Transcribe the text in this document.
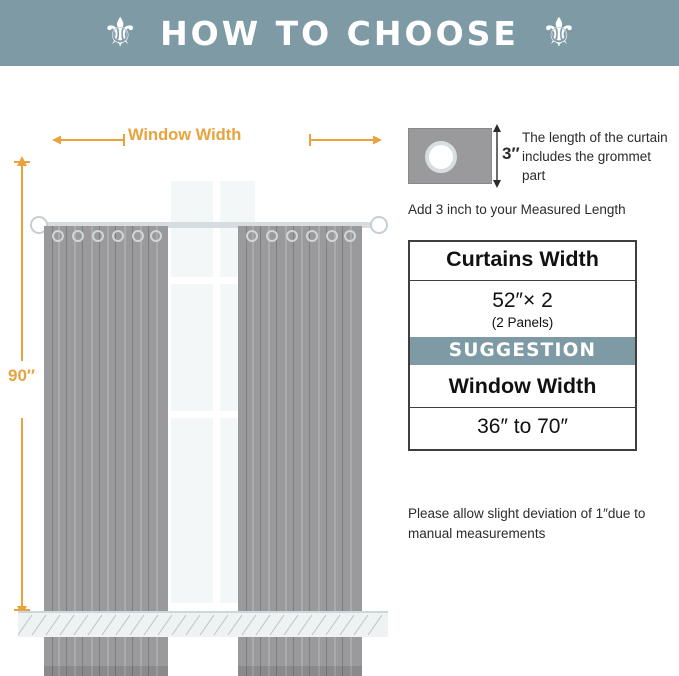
⚜ HOW TO CHOOSE ⚜
Window Width
90″
3″
The length of the curtain includes the grommet part
Add 3 inch to your Measured Length
Curtains Width
52″× 2
(2 Panels)
SUGGESTION
Window Width
36″ to 70″
Please allow slight deviation of 1″due to manual measurements
